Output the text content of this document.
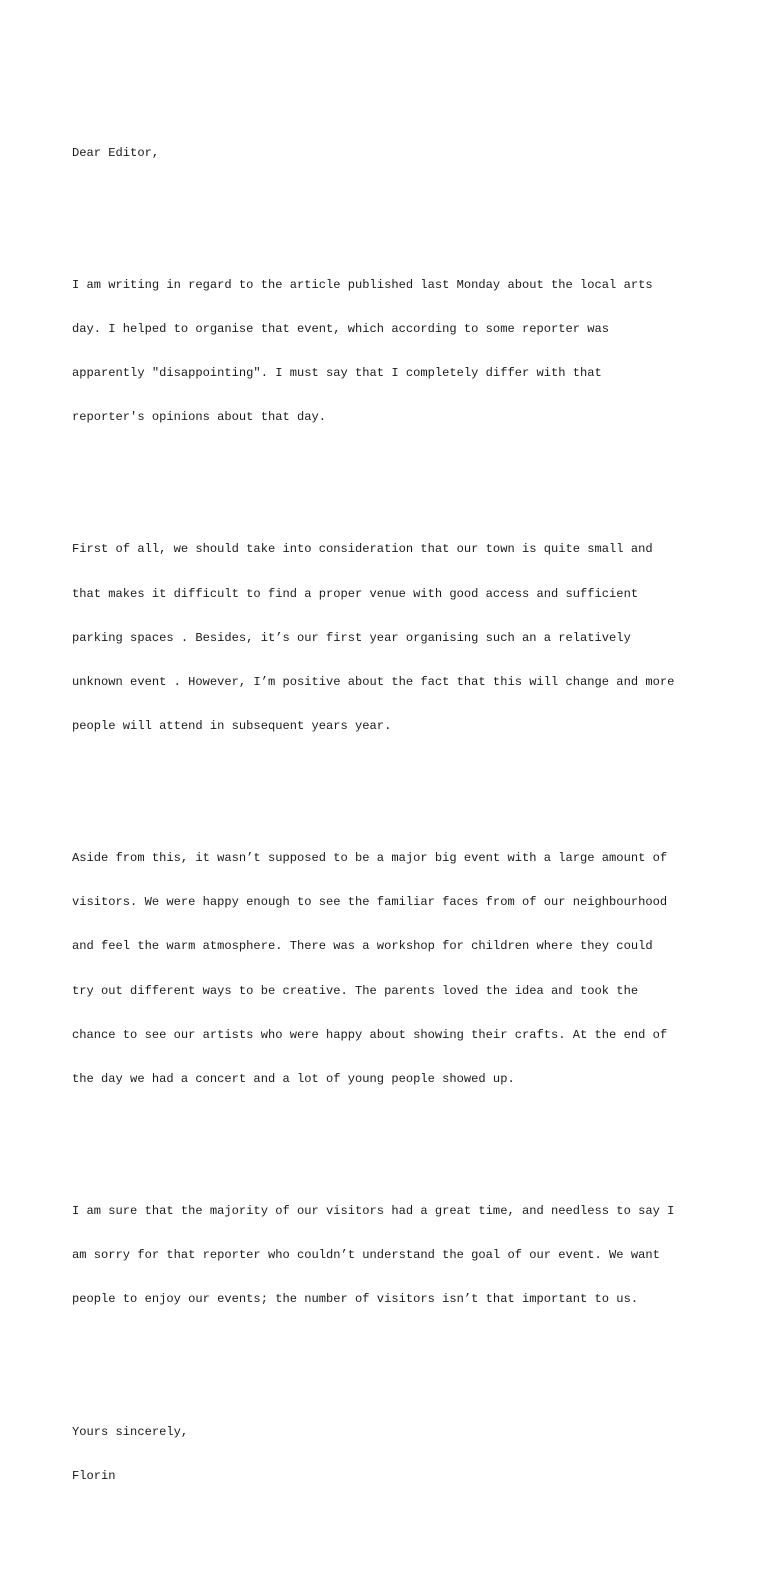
Dear Editor,

I am writing in regard to the article published last Monday about the local arts

day. I helped to organise that event, which according to some reporter was

apparently "disappointing". I must say that I completely differ with that

reporter's opinions about that day.

First of all, we should take into consideration that our town is quite small and

that makes it difficult to find a proper venue with good access and sufficient

parking spaces . Besides, it’s our first year organising such an a relatively

unknown event . However, I’m positive about the fact that this will change and more

people will attend in subsequent years year.

Aside from this, it wasn’t supposed to be a major big event with a large amount of

visitors. We were happy enough to see the familiar faces from of our neighbourhood

and feel the warm atmosphere. There was a workshop for children where they could

try out different ways to be creative. The parents loved the idea and took the

chance to see our artists who were happy about showing their crafts. At the end of

the day we had a concert and a lot of young people showed up.

I am sure that the majority of our visitors had a great time, and needless to say I

am sorry for that reporter who couldn’t understand the goal of our event. We want

people to enjoy our events; the number of visitors isn’t that important to us.

Yours sincerely,

Florin
